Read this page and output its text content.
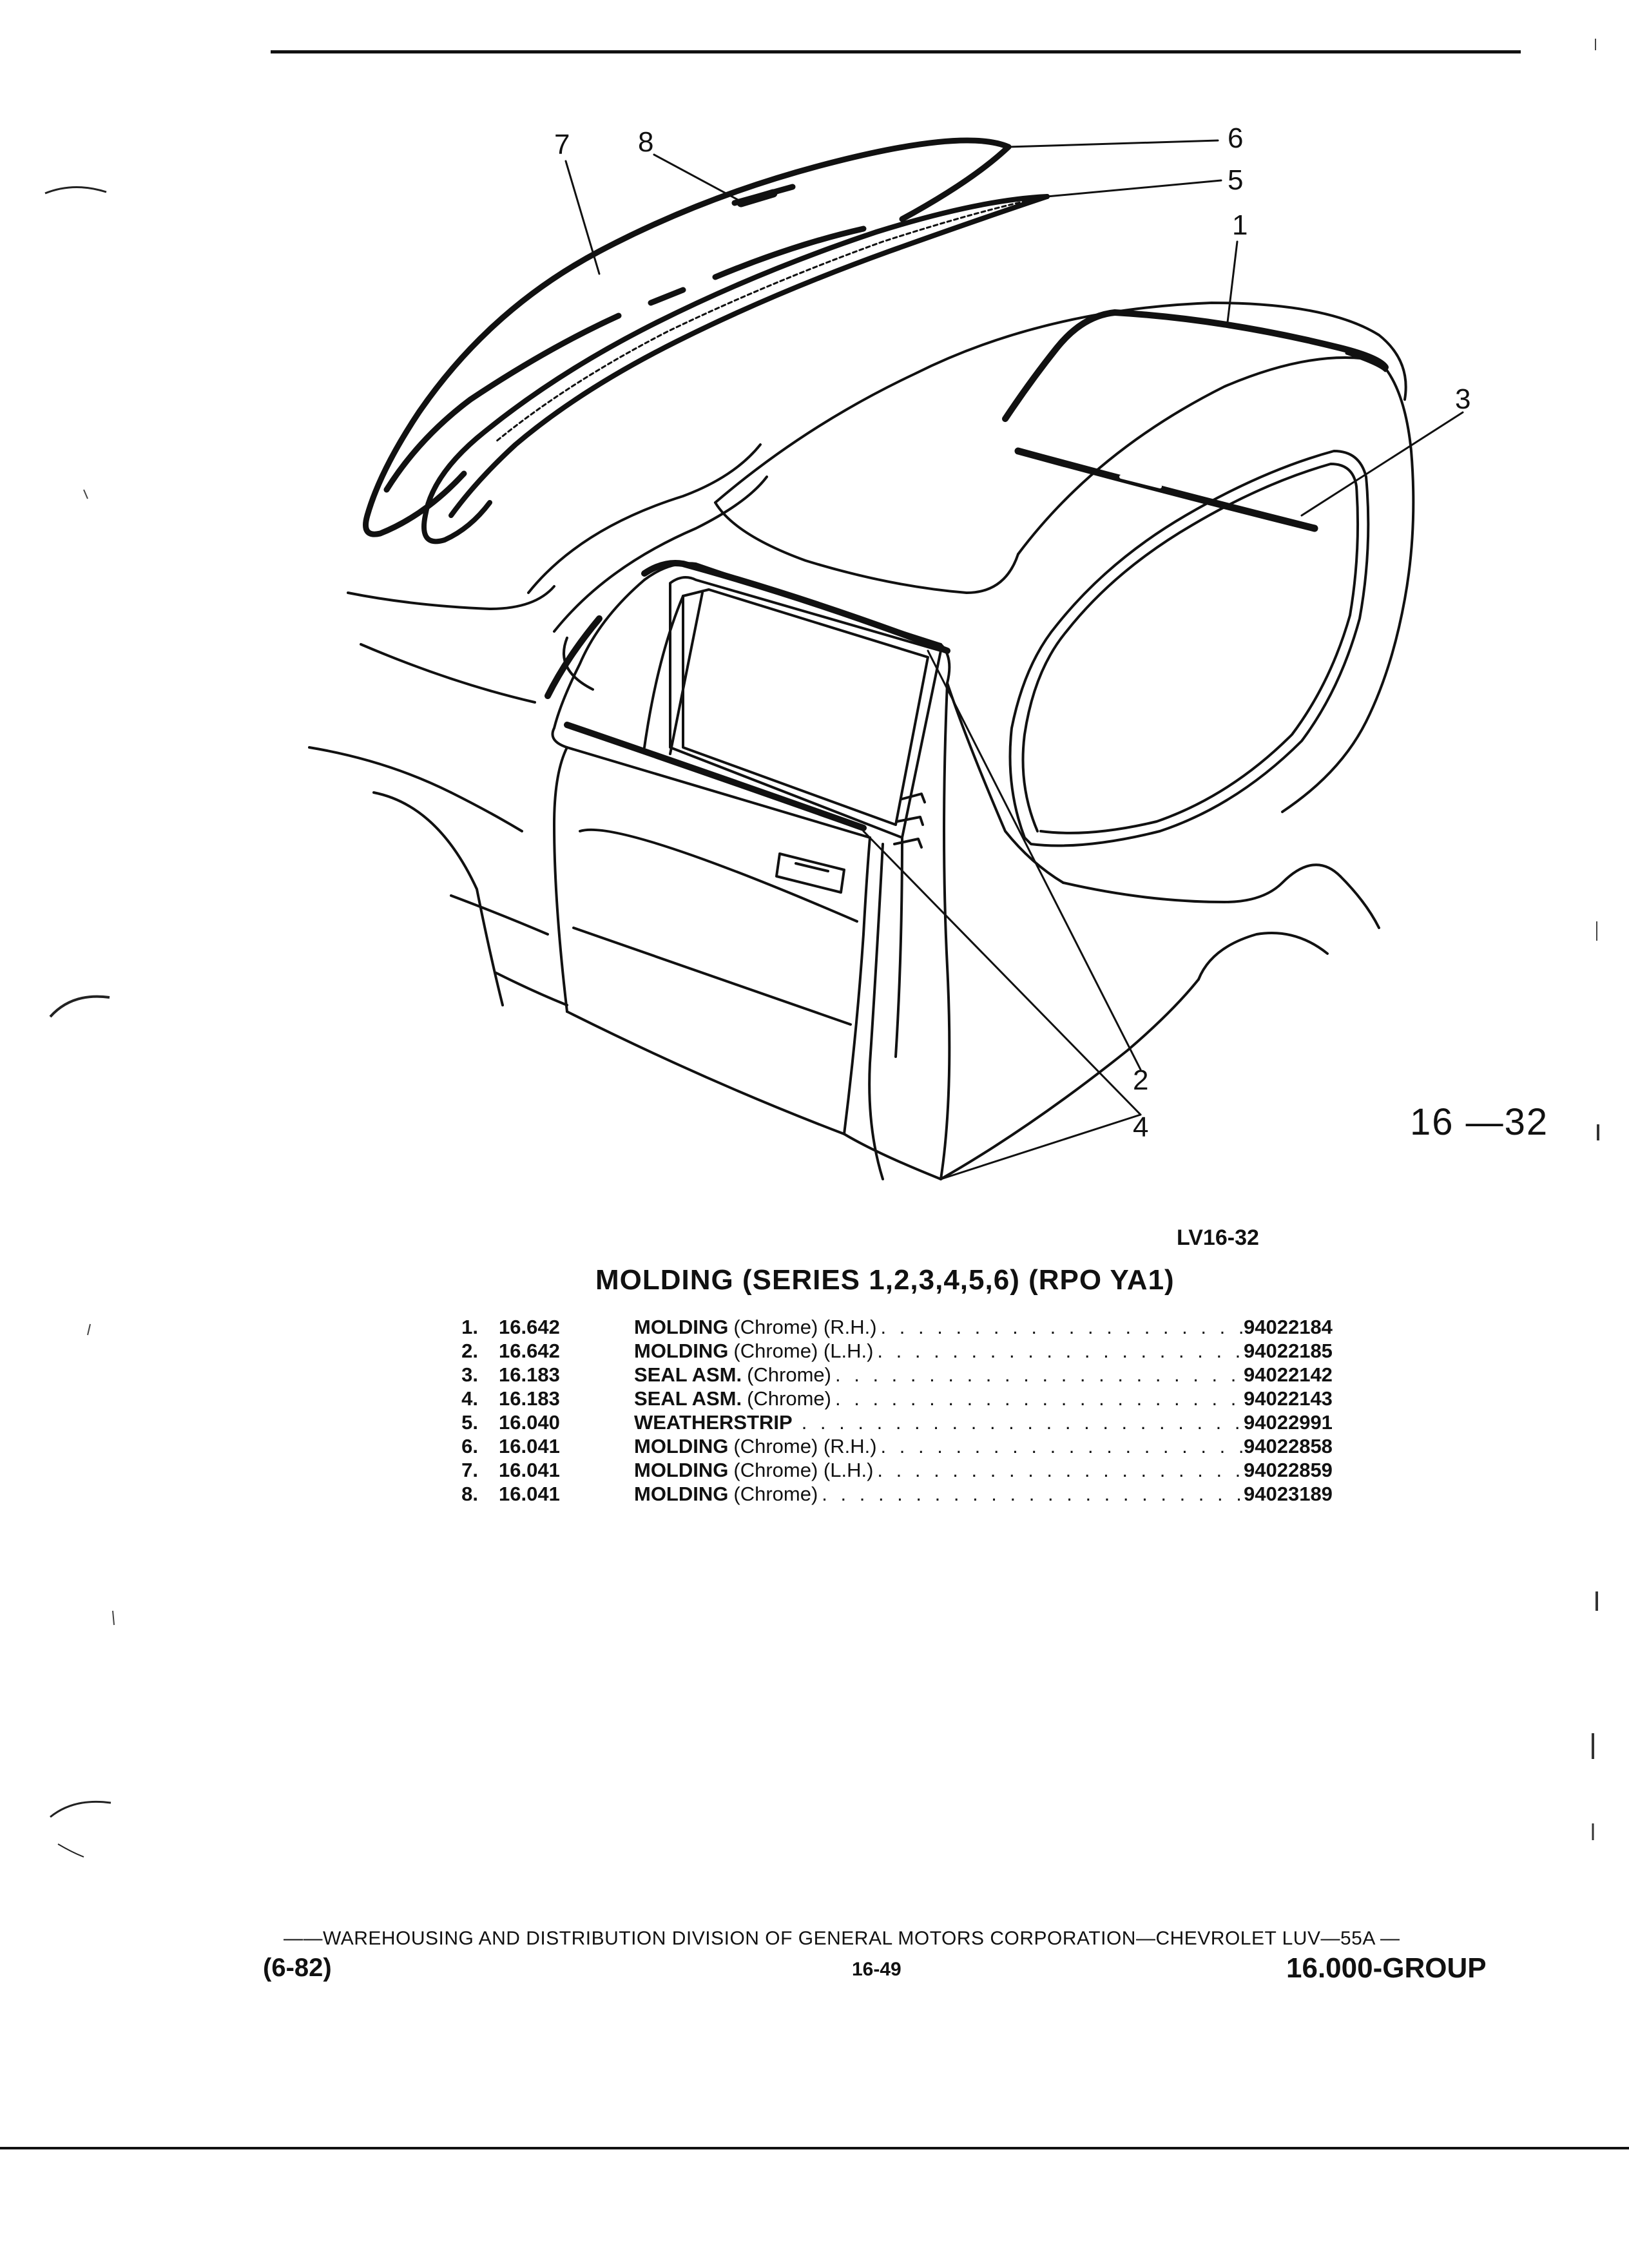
7 8	6
5
1
3
2
4	16 —32
LV16-32
MOLDING (SERIES 1,2,3,4,5,6) (RPO YA1)
1.	16.642	MOLDING (Chrome) (R.H.) . . .	94022184
2.	16.642	MOLDING (Chrome) (L.H.) . . .	94022185
3.	16.183	SEAL ASM. (Chrome) . . .	94022142
4.	16.183	SEAL ASM. (Chrome) . . .	94022143
5.	16.040	WEATHERSTRIP . . .	94022991
6.	16.041	MOLDING (Chrome) (R.H.) . . .	94022858
7.	16.041	MOLDING (Chrome) (L.H.) . . .	94022859
8.	16.041	MOLDING (Chrome) . . .	94023189
——WAREHOUSING AND DISTRIBUTION DIVISION OF GENERAL MOTORS CORPORATION—CHEVROLET LUV—55A —
(6-82)	16-49	16.000-GROUP
